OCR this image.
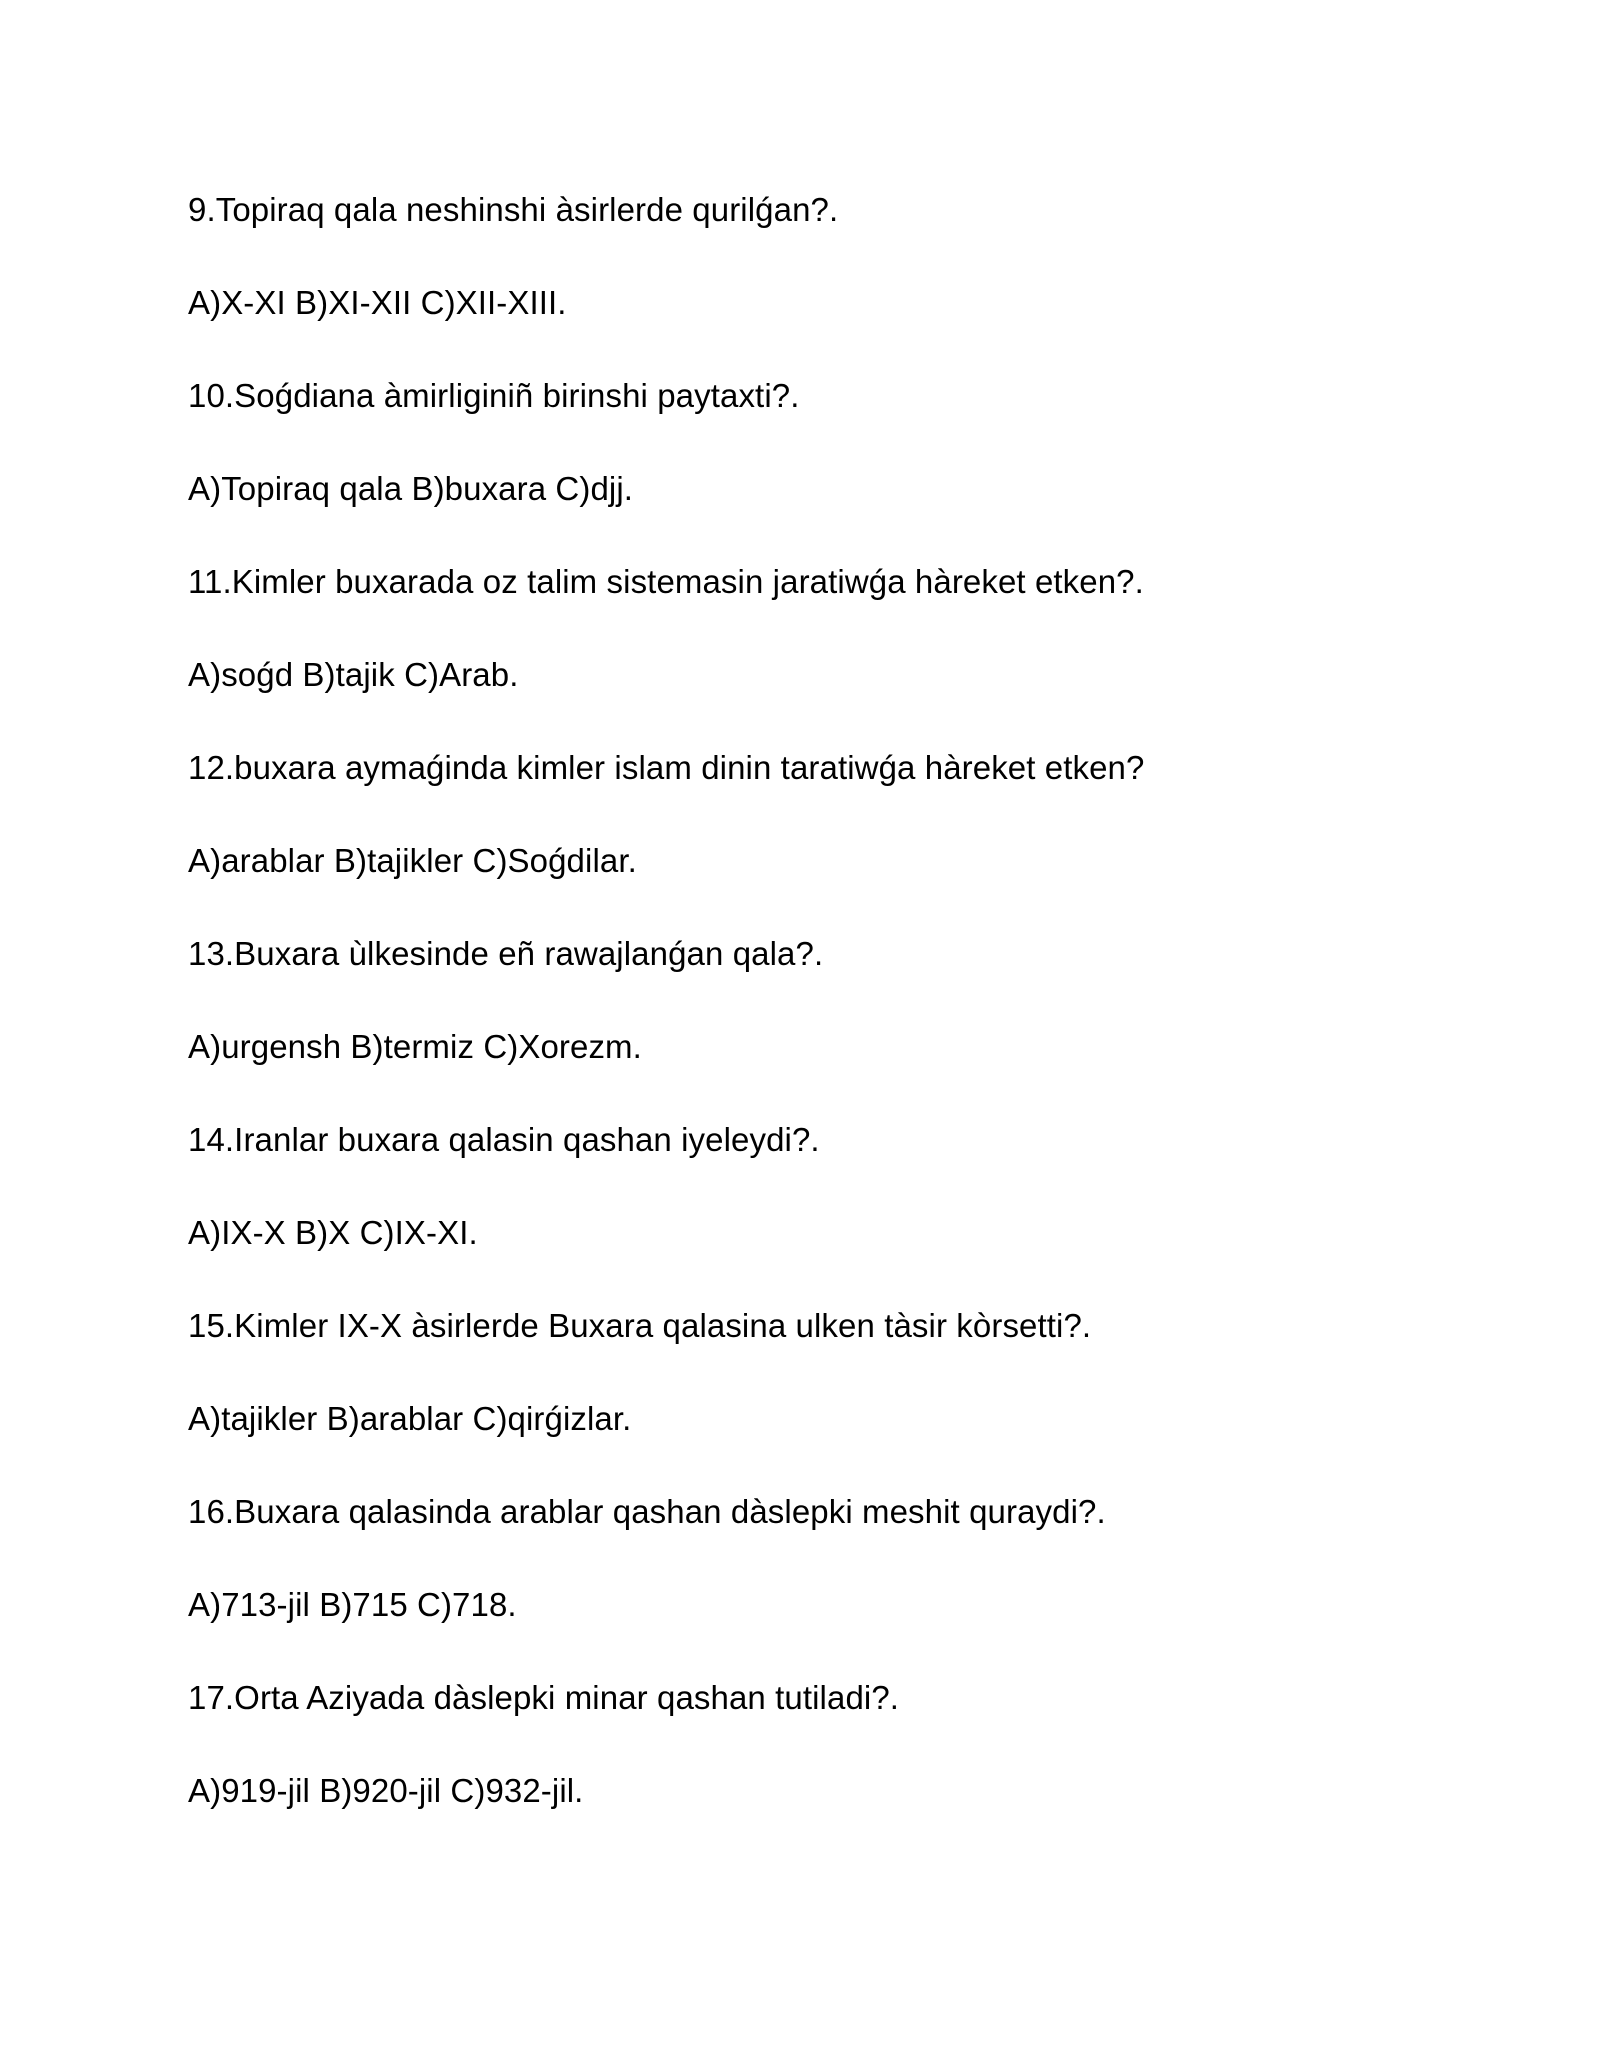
9.Topiraq qala neshinshi àsirlerde qurilǵan?.
A)X-XI B)XI-XII C)XII-XIII.
10.Soǵdiana àmirliginiñ birinshi paytaxti?.
A)Topiraq qala B)buxara C)djj.
11.Kimler buxarada oz talim sistemasin jaratiwǵa hàreket etken?.
A)soǵd B)tajik C)Arab.
12.buxara aymaǵinda kimler islam dinin taratiwǵa hàreket etken?
A)arablar B)tajikler C)Soǵdilar.
13.Buxara ùlkesinde eñ rawajlanǵan qala?.
A)urgensh B)termiz C)Xorezm.
14.Iranlar buxara qalasin qashan iyeleydi?.
A)IX-X B)X C)IX-XI.
15.Kimler IX-X àsirlerde Buxara qalasina ulken tàsir kòrsetti?.
A)tajikler B)arablar C)qirǵizlar.
16.Buxara qalasinda arablar qashan dàslepki meshit quraydi?.
A)713-jil B)715 C)718.
17.Orta Aziyada dàslepki minar qashan tutiladi?.
A)919-jil B)920-jil C)932-jil.
